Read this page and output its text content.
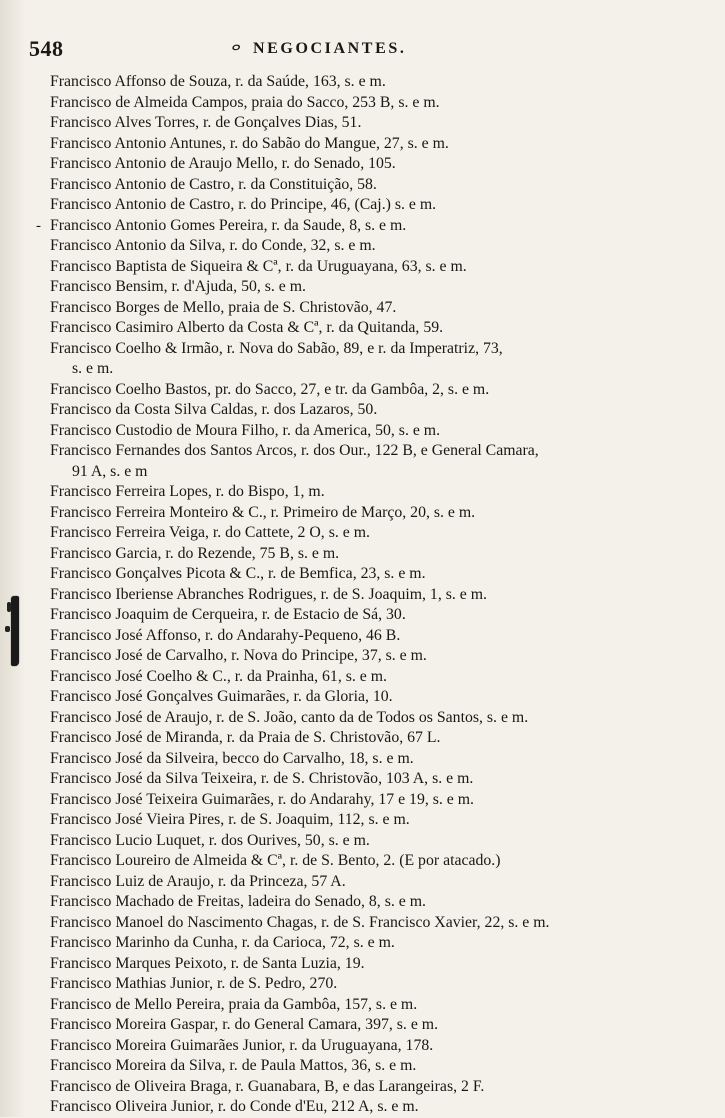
548	ⴰ NEGOCIANTES.
Francisco Affonso de Souza, r. da Saúde, 163, s. e m.
Francisco de Almeida Campos, praia do Sacco, 253 B, s. e m.
Francisco Alves Torres, r. de Gonçalves Dias, 51.
Francisco Antonio Antunes, r. do Sabão do Mangue, 27, s. e m.
Francisco Antonio de Araujo Mello, r. do Senado, 105.
Francisco Antonio de Castro, r. da Constituição, 58.
Francisco Antonio de Castro, r. do Principe, 46, (Caj.) s. e m.
- Francisco Antonio Gomes Pereira, r. da Saude, 8, s. e m.
Francisco Antonio da Silva, r. do Conde, 32, s. e m.
Francisco Baptista de Siqueira & Cª, r. da Uruguayana, 63, s. e m.
Francisco Bensim, r. d'Ajuda, 50, s. e m.
Francisco Borges de Mello, praia de S. Christovão, 47.
Francisco Casimiro Alberto da Costa & Cª, r. da Quitanda, 59.
Francisco Coelho & Irmão, r. Nova do Sabão, 89, e r. da Imperatriz, 73,
s. e m.
Francisco Coelho Bastos, pr. do Sacco, 27, e tr. da Gambôa, 2, s. e m.
Francisco da Costa Silva Caldas, r. dos Lazaros, 50.
Francisco Custodio de Moura Filho, r. da America, 50, s. e m.
Francisco Fernandes dos Santos Arcos, r. dos Our., 122 B, e General Camara,
91 A, s. e m
Francisco Ferreira Lopes, r. do Bispo, 1, m.
Francisco Ferreira Monteiro & C., r. Primeiro de Março, 20, s. e m.
Francisco Ferreira Veiga, r. do Cattete, 2 O, s. e m.
Francisco Garcia, r. do Rezende, 75 B, s. e m.
Francisco Gonçalves Picota & C., r. de Bemfica, 23, s. e m.
Francisco Iberiense Abranches Rodrigues, r. de S. Joaquim, 1, s. e m.
Francisco Joaquim de Cerqueira, r. de Estacio de Sá, 30.
Francisco José Affonso, r. do Andarahy-Pequeno, 46 B.
Francisco José de Carvalho, r. Nova do Principe, 37, s. e m.
Francisco José Coelho & C., r. da Prainha, 61, s. e m.
Francisco José Gonçalves Guimarães, r. da Gloria, 10.
Francisco José de Araujo, r. de S. João, canto da de Todos os Santos, s. e m.
Francisco José de Miranda, r. da Praia de S. Christovão, 67 L.
Francisco José da Silveira, becco do Carvalho, 18, s. e m.
Francisco José da Silva Teixeira, r. de S. Christovão, 103 A, s. e m.
Francisco José Teixeira Guimarães, r. do Andarahy, 17 e 19, s. e m.
Francisco José Vieira Pires, r. de S. Joaquim, 112, s. e m.
Francisco Lucio Luquet, r. dos Ourives, 50, s. e m.
Francisco Loureiro de Almeida & Cª, r. de S. Bento, 2. (E por atacado.)
Francisco Luiz de Araujo, r. da Princeza, 57 A.
Francisco Machado de Freitas, ladeira do Senado, 8, s. e m.
Francisco Manoel do Nascimento Chagas, r. de S. Francisco Xavier, 22, s. e m.
Francisco Marinho da Cunha, r. da Carioca, 72, s. e m.
Francisco Marques Peixoto, r. de Santa Luzia, 19.
Francisco Mathias Junior, r. de S. Pedro, 270.
Francisco de Mello Pereira, praia da Gambôa, 157, s. e m.
Francisco Moreira Gaspar, r. do General Camara, 397, s. e m.
Francisco Moreira Guimarães Junior, r. da Uruguayana, 178.
Francisco Moreira da Silva, r. de Paula Mattos, 36, s. e m.
Francisco de Oliveira Braga, r. Guanabara, B, e das Larangeiras, 2 F.
Francisco Oliveira Junior, r. do Conde d'Eu, 212 A, s. e m.
